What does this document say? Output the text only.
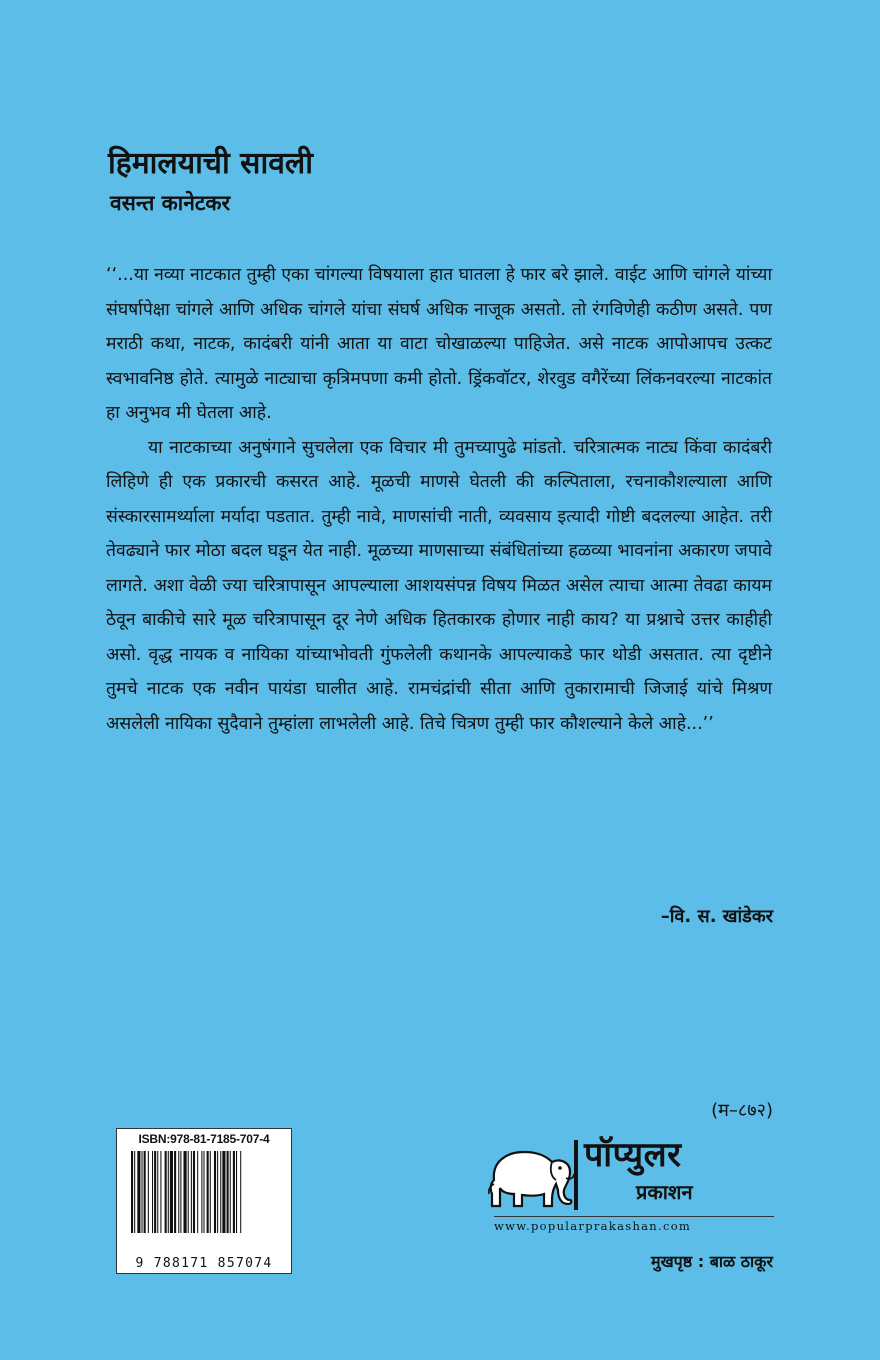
हिमालयाची सावली
वसन्त कानेटकर

‘‘...या नव्या नाटकात तुम्ही एका चांगल्या विषयाला हात घातला हे फार बरे झाले. वाईट आणि चांगले यांच्या संघर्षापेक्षा चांगले आणि अधिक चांगले यांचा संघर्ष अधिक नाजूक असतो. तो रंगविणेही कठीण असते. पण मराठी कथा, नाटक, कादंबरी यांनी आता या वाटा चोखाळल्या पाहिजेत. असे नाटक आपोआपच उत्कट स्वभावनिष्ठ होते. त्यामुळे नाट्याचा कृत्रिमपणा कमी होतो. ड्रिंकवॉटर, शेरवुड वगैरेंच्या लिंकनवरल्या नाटकांत हा अनुभव मी घेतला आहे.

या नाटकाच्या अनुषंगाने सुचलेला एक विचार मी तुमच्यापुढे मांडतो. चरित्रात्मक नाट्य किंवा कादंबरी लिहिणे ही एक प्रकारची कसरत आहे. मूळची माणसे घेतली की कल्पिताला, रचनाकौशल्याला आणि संस्कारसामर्थ्याला मर्यादा पडतात. तुम्ही नावे, माणसांची नाती, व्यवसाय इत्यादी गोष्टी बदलल्या आहेत. तरी तेवढ्याने फार मोठा बदल घडून येत नाही. मूळच्या माणसाच्या संबंधितांच्या हळव्या भावनांना अकारण जपावे लागते. अशा वेळी ज्या चरित्रापासून आपल्याला आशयसंपन्न विषय मिळत असेल त्याचा आत्मा तेवढा कायम ठेवून बाकीचे सारे मूळ चरित्रापासून दूर नेणे अधिक हितकारक होणार नाही काय? या प्रश्नाचे उत्तर काहीही असो. वृद्ध नायक व नायिका यांच्याभोवती गुंफलेली कथानके आपल्याकडे फार थोडी असतात. त्या दृष्टीने तुमचे नाटक एक नवीन पायंडा घालीत आहे. रामचंद्रांची सीता आणि तुकारामाची जिजाई यांचे मिश्रण असलेली नायिका सुदैवाने तुम्हांला लाभलेली आहे. तिचे चित्रण तुम्ही फार कौशल्याने केले आहे...’’

–वि. स. खांडेकर
(म–८७२)
ISBN:978-81-7185-707-4
9 788171 857074
पॉप्युलर
प्रकाशन
www.popularprakashan.com
मुखपृष्ठ : बाळ ठाकूर
